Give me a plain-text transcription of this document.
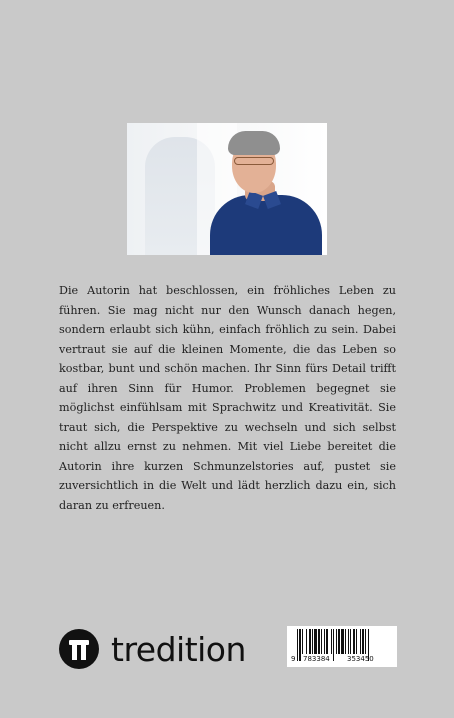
Die Autorin hat beschlossen, ein fröhliches Leben zu führen. Sie mag nicht nur den Wunsch danach hegen, sondern erlaubt sich kühn, einfach fröhlich zu sein. Dabei vertraut sie auf die kleinen Momente, die das Leben so kostbar, bunt und schön machen. Ihr Sinn fürs Detail trifft auf ihren Sinn für Humor. Problemen begegnet sie möglichst einfühlsam mit Sprachwitz und Kreativität. Sie traut sich, die Perspektive zu wechseln und sich selbst nicht allzu ernst zu nehmen. Mit viel Liebe bereitet die Autorin ihre kurzen Schmunzelstories auf, pustet sie zuversichtlich in die Welt und lädt herzlich dazu ein, sich daran zu erfreuen.

tredition	9 783384 353450
